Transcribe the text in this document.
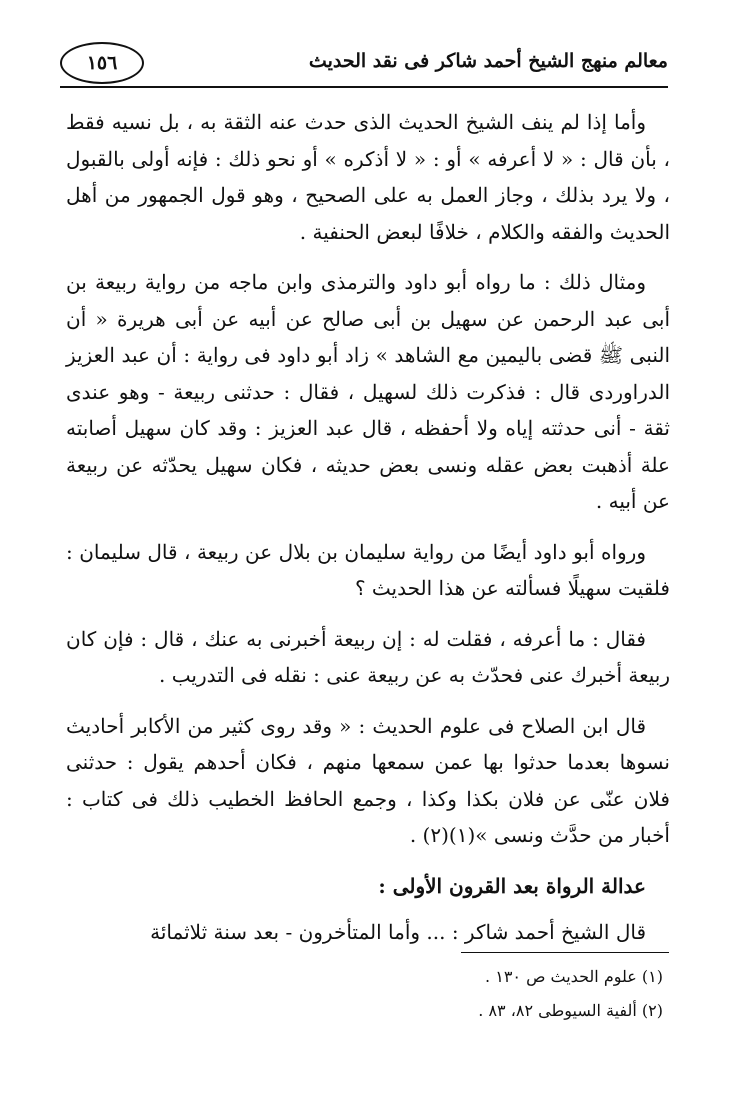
معالم منهج الشيخ أحمد شاكر فى نقد الحديث
١٥٦

وأما إذا لم ينف الشيخ الحديث الذى حدث عنه الثقة به ، بل نسيه فقط ، بأن قال : « لا أعرفه » أو : « لا أذكره » أو نحو ذلك : فإنه أولى بالقبول ، ولا يرد بذلك ، وجاز العمل به على الصحيح ، وهو قول الجمهور من أهل الحديث والفقه والكلام ، خلافًا لبعض الحنفية .

ومثال ذلك : ما رواه أبو داود والترمذى وابن ماجه من رواية ربيعة بن أبى عبد الرحمن عن سهيل بن أبى صالح عن أبيه عن أبى هريرة « أن النبى ﷺ قضى باليمين مع الشاهد » زاد أبو داود فى رواية : أن عبد العزيز الدراوردى قال : فذكرت ذلك لسهيل ، فقال : حدثنى ربيعة - وهو عندى ثقة - أنى حدثته إياه ولا أحفظه ، قال عبد العزيز : وقد كان سهيل أصابته علة أذهبت بعض عقله ونسى بعض حديثه ، فكان سهيل يحدّثه عن ربيعة عن أبيه .

ورواه أبو داود أيضًا من رواية سليمان بن بلال عن ربيعة ، قال سليمان : فلقيت سهيلًا فسألته عن هذا الحديث ؟

فقال : ما أعرفه ، فقلت له : إن ربيعة أخبرنى به عنك ، قال : فإن كان ربيعة أخبرك عنى فحدّث به عن ربيعة عنى : نقله فى التدريب .

قال ابن الصلاح فى علوم الحديث : « وقد روى كثير من الأكابر أحاديث نسوها بعدما حدثوا بها عمن سمعها منهم ، فكان أحدهم يقول : حدثنى فلان عنّى عن فلان بكذا وكذا ، وجمع الحافظ الخطيب ذلك فى كتاب : أخبار من حدَّث ونسى »(١)(٢) .

عدالة الرواة بعد القرون الأولى :

قال الشيخ أحمد شاكر : ... وأما المتأخرون - بعد سنة ثلاثمائة

(١) علوم الحديث ص ١٣٠ .

(٢) ألفية السيوطى ٨٢، ٨٣ .
